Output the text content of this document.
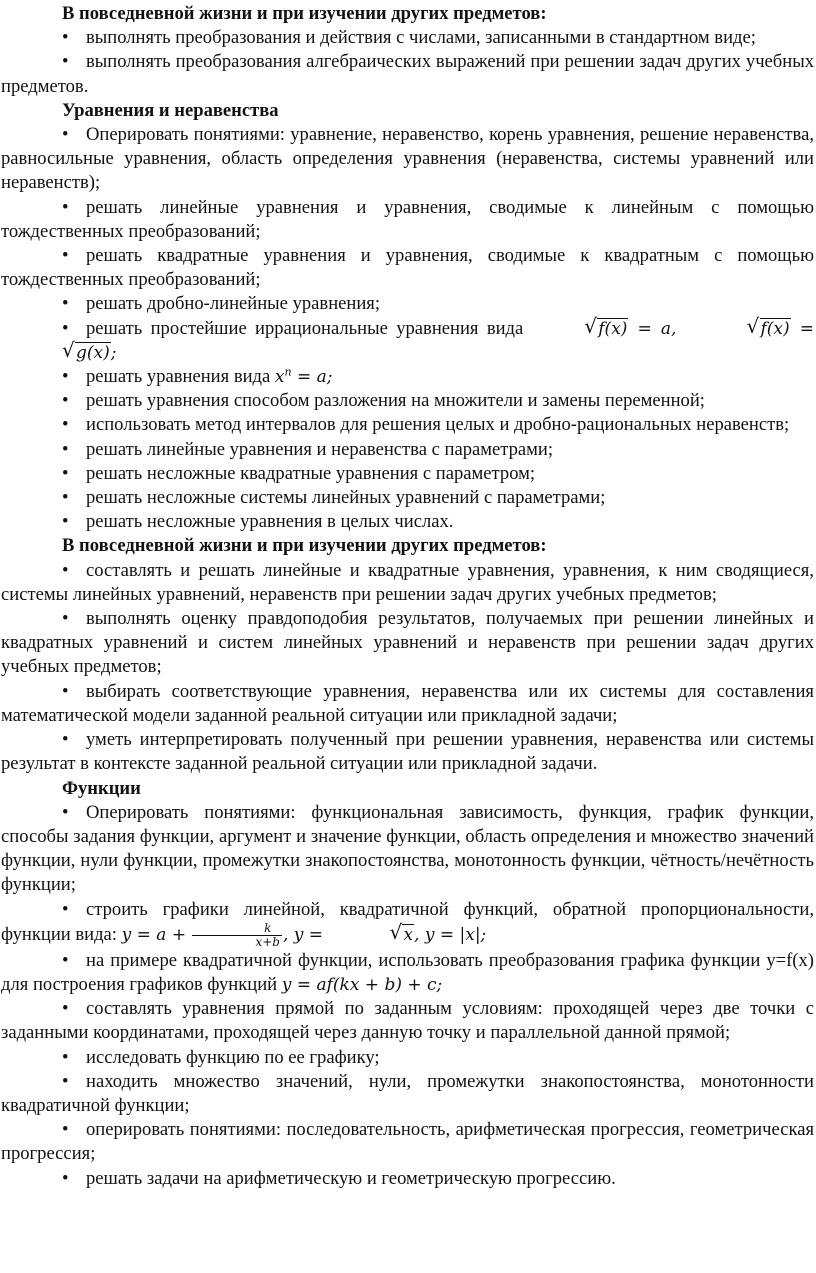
В повседневной жизни и при изучении других предметов:

• выполнять преобразования и действия с числами, записанными в стандартном виде;

• выполнять преобразования алгебраических выражений при решении задач других учебных предметов.

Уравнения и неравенства

• Оперировать понятиями: уравнение, неравенство, корень уравнения, решение неравенства, равносильные уравнения, область определения уравнения (неравенства, системы уравнений или неравенств);

• решать линейные уравнения и уравнения, сводимые к линейным с помощью тождественных преобразований;

• решать квадратные уравнения и уравнения, сводимые к квадратным с помощью тождественных преобразований;

• решать дробно-линейные уравнения;

• решать простейшие иррациональные уравнения вида	√ f(x) = a,	√ f(x) =
√ g(x);

• решать уравнения вида $x^n = a$;

• решать уравнения способом разложения на множители и замены переменной;

• использовать метод интервалов для решения целых и дробно-рациональных неравенств;

• решать линейные уравнения и неравенства с параметрами;

• решать несложные квадратные уравнения с параметром;

• решать несложные системы линейных уравнений с параметрами;

• решать несложные уравнения в целых числах.

В повседневной жизни и при изучении других предметов:

• составлять и решать линейные и квадратные уравнения, уравнения, к ним сводящиеся, системы линейных уравнений, неравенств при решении задач других учебных предметов;

• выполнять оценку правдоподобия результатов, получаемых при решении линейных и квадратных уравнений и систем линейных уравнений и неравенств при решении задач других учебных предметов;

• выбирать соответствующие уравнения, неравенства или их системы для составления математической модели заданной реальной ситуации или прикладной задачи;

• уметь интерпретировать полученный при решении уравнения, неравенства или системы результат в контексте заданной реальной ситуации или прикладной задачи.

Функции

• Оперировать понятиями: функциональная зависимость, функция, график функции, способы задания функции, аргумент и значение функции, область определения и множество значений функции, нули функции, промежутки знакопостоянства, монотонность функции, чётность/нечётность функции;

• строить графики линейной, квадратичной функций, обратной пропорциональности, функции вида: $y = a + \frac{k}{x+b}$ , y =	√ x, y = |x|;

• на примере квадратичной функции, использовать преобразования графика функции y=f(x) для построения графиков функций y = af(kx + b) + c;

• составлять уравнения прямой по заданным условиям: проходящей через две точки с заданными координатами, проходящей через данную точку и параллельной данной прямой;

• исследовать функцию по ее графику;

• находить множество значений, нули, промежутки знакопостоянства, монотонности квадратичной функции;

• оперировать понятиями: последовательность, арифметическая прогрессия, геометрическая прогрессия;

• решать задачи на арифметическую и геометрическую прогрессию.
